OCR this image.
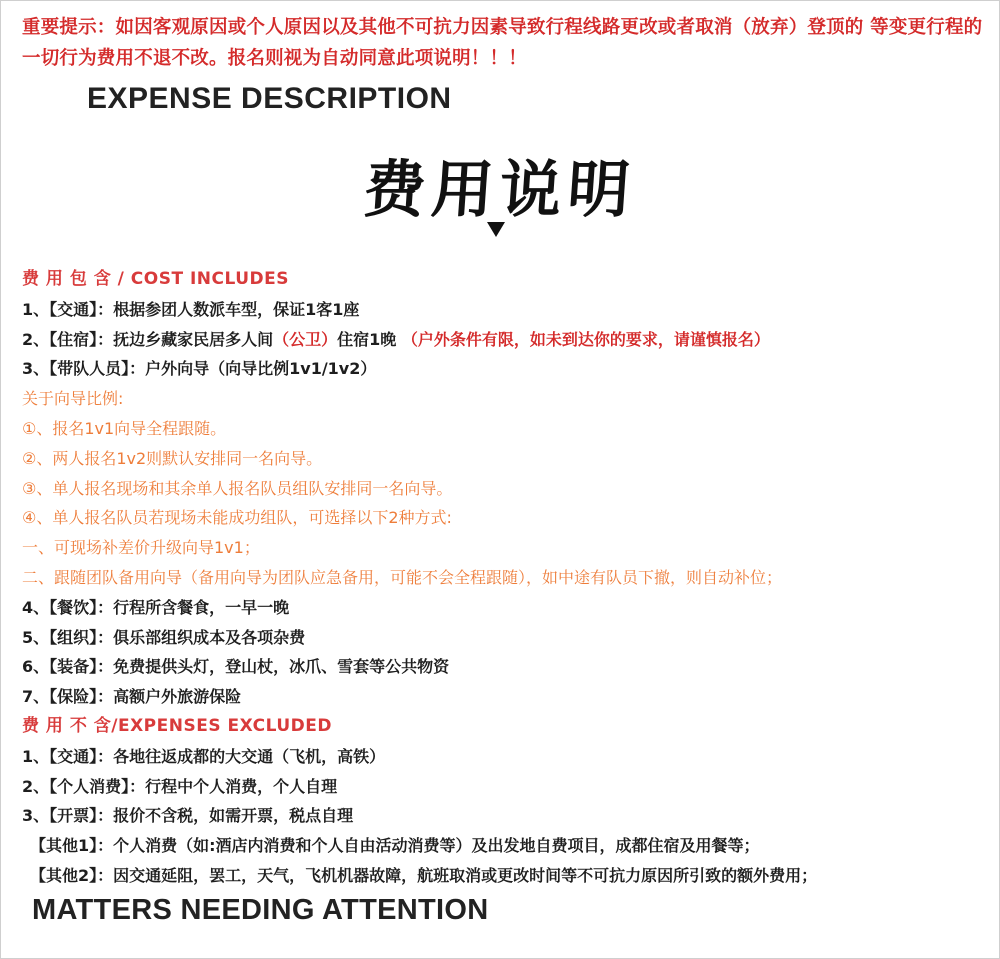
重要提示：如因客观原因或个人原因以及其他不可抗力因素导致行程线路更改或者取消（放弃）登顶的 等变更行程的一切行为费用不退不改。报名则视为自动同意此项说明！！！
EXPENSE DESCRIPTION
费用说明
费 用 包 含 / COST INCLUDES
1、【交通】：根据参团人数派车型，保证1客1座
2、【住宿】：抚边乡藏家民居多人间（公卫）住宿1晚 （户外条件有限，如未到达你的要求，请谨慎报名）
3、【带队人员】：户外向导（向导比例1v1/1v2）
关于向导比例:
①、报名1v1向导全程跟随。
②、两人报名1v2则默认安排同一名向导。
③、单人报名现场和其余单人报名队员组队安排同一名向导。
④、单人报名队员若现场未能成功组队，可选择以下2种方式:
一、可现场补差价升级向导1v1；
二、跟随团队备用向导（备用向导为团队应急备用，可能不会全程跟随），如中途有队员下撤，则自动补位；
4、【餐饮】：行程所含餐食，一早一晚
5、【组织】：俱乐部组织成本及各项杂费
6、【装备】：免费提供头灯，登山杖，冰爪、雪套等公共物资
7、【保险】：高额户外旅游保险
费 用 不 含/EXPENSES EXCLUDED
1、【交通】：各地往返成都的大交通（飞机，高铁）
2、【个人消费】：行程中个人消费，个人自理
3、【开票】：报价不含税，如需开票，税点自理
【其他1】：个人消费（如:酒店内消费和个人自由活动消费等）及出发地自费项目，成都住宿及用餐等；
【其他2】：因交通延阻，罢工，天气，飞机机器故障，航班取消或更改时间等不可抗力原因所引致的额外费用；
MATTERS NEEDING ATTENTION
